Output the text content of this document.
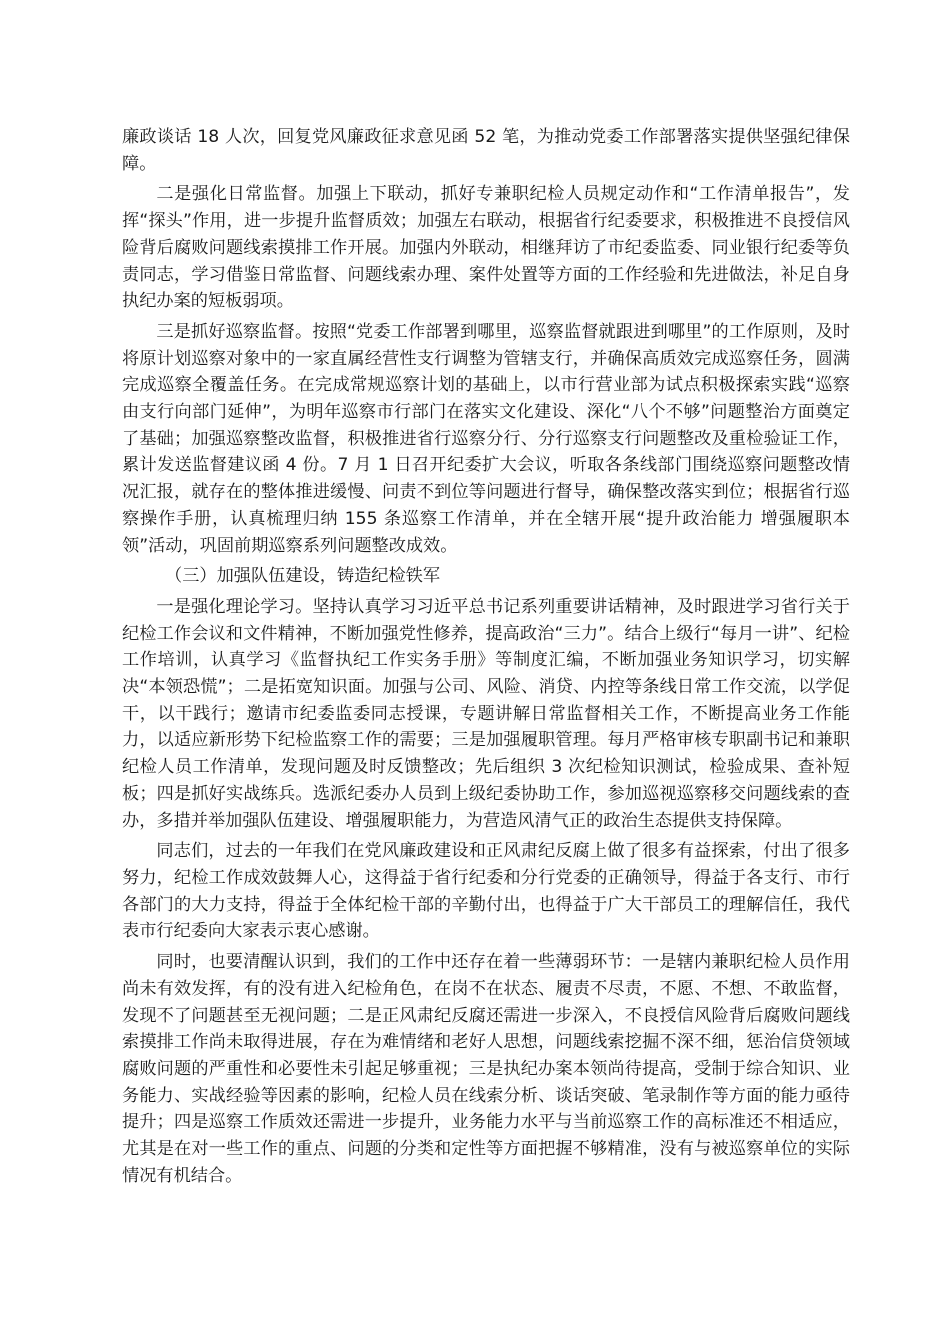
廉政谈话 18 人次，回复党风廉政征求意见函 52 笔，为推动党委工作部署落实提供坚强纪律保障。

二是强化日常监督。加强上下联动，抓好专兼职纪检人员规定动作和“工作清单报告”，发挥“探头”作用，进一步提升监督质效；加强左右联动，根据省行纪委要求，积极推进不良授信风险背后腐败问题线索摸排工作开展。加强内外联动，相继拜访了市纪委监委、同业银行纪委等负责同志，学习借鉴日常监督、问题线索办理、案件处置等方面的工作经验和先进做法，补足自身执纪办案的短板弱项。

三是抓好巡察监督。按照“党委工作部署到哪里，巡察监督就跟进到哪里”的工作原则，及时将原计划巡察对象中的一家直属经营性支行调整为管辖支行，并确保高质效完成巡察任务，圆满完成巡察全覆盖任务。在完成常规巡察计划的基础上，以市行营业部为试点积极探索实践“巡察由支行向部门延伸”，为明年巡察市行部门在落实文化建设、深化“八个不够”问题整治方面奠定了基础；加强巡察整改监督，积极推进省行巡察分行、分行巡察支行问题整改及重检验证工作，累计发送监督建议函 4 份。7 月 1 日召开纪委扩大会议，听取各条线部门围绕巡察问题整改情况汇报，就存在的整体推进缓慢、问责不到位等问题进行督导，确保整改落实到位；根据省行巡察操作手册，认真梳理归纳 155 条巡察工作清单，并在全辖开展“提升政治能力 增强履职本领”活动，巩固前期巡察系列问题整改成效。

（三）加强队伍建设，铸造纪检铁军

一是强化理论学习。坚持认真学习习近平总书记系列重要讲话精神，及时跟进学习省行关于纪检工作会议和文件精神，不断加强党性修养，提高政治“三力”。结合上级行“每月一讲”、纪检工作培训，认真学习《监督执纪工作实务手册》等制度汇编，不断加强业务知识学习，切实解决“本领恐慌”；二是拓宽知识面。加强与公司、风险、消贷、内控等条线日常工作交流，以学促干，以干践行；邀请市纪委监委同志授课，专题讲解日常监督相关工作，不断提高业务工作能力，以适应新形势下纪检监察工作的需要；三是加强履职管理。每月严格审核专职副书记和兼职纪检人员工作清单，发现问题及时反馈整改；先后组织 3 次纪检知识测试，检验成果、查补短板；四是抓好实战练兵。选派纪委办人员到上级纪委协助工作，参加巡视巡察移交问题线索的查办，多措并举加强队伍建设、增强履职能力，为营造风清气正的政治生态提供支持保障。

同志们，过去的一年我们在党风廉政建设和正风肃纪反腐上做了很多有益探索，付出了很多努力，纪检工作成效鼓舞人心，这得益于省行纪委和分行党委的正确领导，得益于各支行、市行各部门的大力支持，得益于全体纪检干部的辛勤付出，也得益于广大干部员工的理解信任，我代表市行纪委向大家表示衷心感谢。

同时，也要清醒认识到，我们的工作中还存在着一些薄弱环节：一是辖内兼职纪检人员作用尚未有效发挥，有的没有进入纪检角色，在岗不在状态、履责不尽责，不愿、不想、不敢监督，发现不了问题甚至无视问题；二是正风肃纪反腐还需进一步深入，不良授信风险背后腐败问题线索摸排工作尚未取得进展，存在为难情绪和老好人思想，问题线索挖掘不深不细，惩治信贷领域腐败问题的严重性和必要性未引起足够重视；三是执纪办案本领尚待提高，受制于综合知识、业务能力、实战经验等因素的影响，纪检人员在线索分析、谈话突破、笔录制作等方面的能力亟待提升；四是巡察工作质效还需进一步提升，业务能力水平与当前巡察工作的高标准还不相适应，尤其是在对一些工作的重点、问题的分类和定性等方面把握不够精准，没有与被巡察单位的实际情况有机结合。
